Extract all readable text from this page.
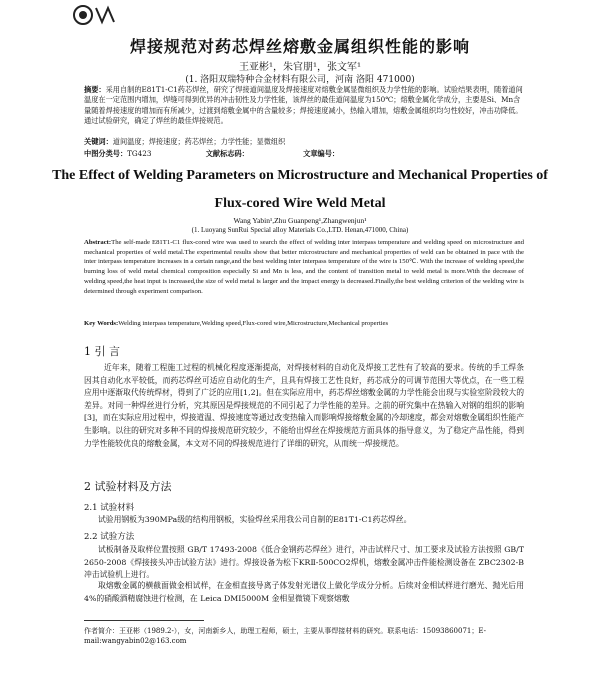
焊接规范对药芯焊丝熔敷金属组织性能的影响
王亚彬¹，朱官朋¹，张文军¹
(1. 洛阳双瑞特种合金材料有限公司，河南 洛阳 471000)
摘要：采用自制的E81T1-C1药芯焊丝，研究了焊接道间温度及焊接速度对熔敷金属显微组织及力学性能的影响。试验结果表明，随着道间温度在一定范围内增加，焊缝可得到优异的冲击韧性及力学性能，该焊丝的最佳道间温度为150℃；熔敷金属化学成分，主要是Si、Mn含量随着焊接速度的增加而有所减少，过渡到熔敷金属中的含量较多；焊接速度减小，热输入增加，熔敷金属组织均匀性较好，冲击功降低。通过试验研究，确定了焊丝的最佳焊接规范。
关键词：道间温度；焊接速度；药芯焊丝；力学性能；显微组织
中图分类号：TG423	文献标志码：	文章编号：
The Effect of Welding Parameters on Microstructure and Mechanical Properties of
Flux-cored Wire Weld Metal
Wang Yabin¹,Zhu Guanpeng¹,Zhangwenjun¹
(1. Luoyang SunRui Special alloy Materials Co.,LTD. Henan,471000, China)
Abstract:The self-made E81T1-C1 flux-cored wire was used to search the effect of welding inter interpass temperature and welding speed on microstructure and mechanical properties of weld metal.The experimental results show that better microstructure and mechanical properties of weld can be obtained in pace with the inter interpass temperature increases in a certain range,and the best welding inter interpass temperature of the wire is 150℃. With the increase of welding speed,the burning loss of weld metal chemical composition especially Si and Mn is less, and the content of transition metal to weld metal is more.With the decrease of welding speed,the heat input is increased,the size of weld metal is larger and the impact energy is decreased.Finally,the best welding criterion of the welding wire is determined through experiment comparison.
Key Words:Welding interpass temperature,Welding speed,Flux-cored wire,Microstructure,Mechanical properties
1 引 言
近年来，随着工程施工过程的机械化程度逐渐提高，对焊接材料的自动化及焊接工艺性有了较高的要求。传统的手工焊条因其自动化水平较低，而药芯焊丝可适应自动化的生产，且具有焊接工艺性良好，药芯成分的可调节范围大等优点，在一些工程应用中逐渐取代传统焊材，得到了广泛的应用[1,2]。但在实际应用中，药芯焊丝熔敷金属的力学性能会出现与实验室阶段较大的差异。对同一种焊丝进行分析，究其原因是焊接规范的不同引起了力学性能的差异。之前的研究集中在热输入对钢的组织的影响[3]，而在实际应用过程中，焊接道温、焊接速度等通过改变热输入而影响焊接熔敷金属的冷却速度，都会对熔敷金属组织性能产生影响。以往的研究对多种不同的焊接规范研究较少，不能给出焊丝在焊接规范方面具体的指导意义，为了稳定产品性能，得到力学性能较优良的熔敷金属，本文对不同的焊接规范进行了详细的研究，从而统一焊接规范。
2 试验材料及方法
2.1 试验材料
试验用钢板为390MPa级的结构用钢板，实验焊丝采用我公司自制的E81T1-C1药芯焊丝。
2.2 试验方法
试板制备及取样位置按照 GB/T 17493-2008《低合金钢药芯焊丝》进行，冲击试样尺寸、加工要求及试验方法按照 GB/T 2650-2008《焊接接头冲击试验方法》进行。焊接设备为松下KRⅡ-500CO2焊机，熔敷金属冲击件能检测设备在 ZBC2302-B 冲击试验机上进行。
取熔敷金属的横截面做金相试样，在金相直接导离子体发射光谱仪上做化学成分分析。后续对金相试样进行磨光、抛光后用4%的硝酸酒精腐蚀进行检测，在 Leica DMI5000M 金相显微镜下观察熔敷
作者简介：王亚彬（1989.2-），女，河南新乡人，助理工程师，硕士，主要从事焊接材料的研究。联系电话：15093860071；E-mail:wangyabin02@163.com
